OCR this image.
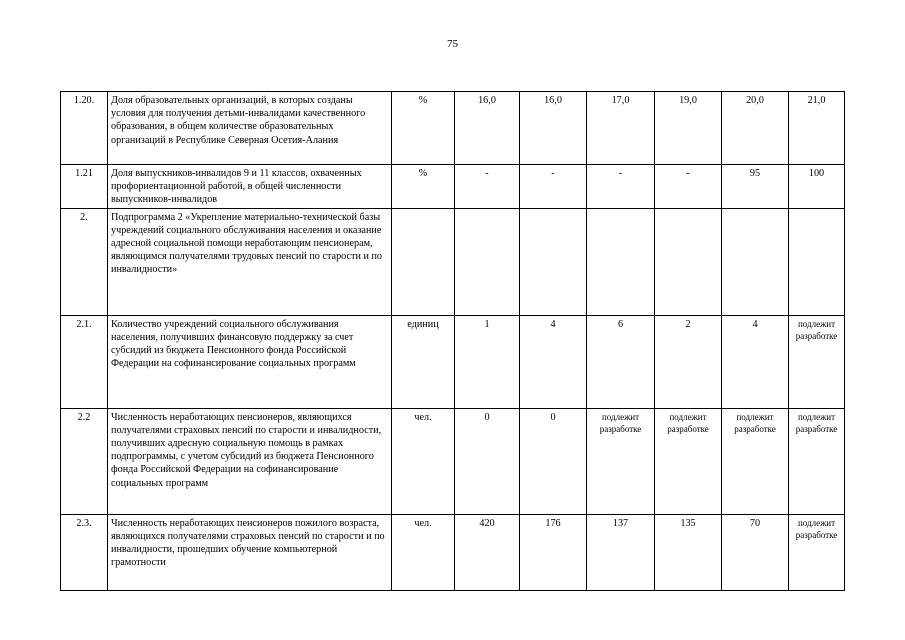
75
1.20.	Доля образовательных организаций, в которых созданы условия для получения детьми-инвалидами качественного образования, в общем количестве образовательных организаций в Республике Северная Осетия-Алания	%	16,0	16,0	17,0	19,0	20,0	21,0
1.21	Доля выпускников-инвалидов 9 и 11 классов, охваченных профориентационной работой, в общей численности выпускников-инвалидов	%	-	-	-	-	95	100
2.	Подпрограмма 2 «Укрепление материально-технической базы учреждений социального обслуживания населения и оказание адресной социальной помощи неработающим пенсионерам, являющимся получателями трудовых пенсий по старости и по инвалидности»							
2.1.	Количество учреждений социального обслуживания населения, получивших финансовую поддержку за счет субсидий из бюджета Пенсионного фонда Российской Федерации на софинансирование социальных программ	единиц	1	4	6	2	4	подлежит разработке
2.2	Численность неработающих пенсионеров, являющихся получателями страховых пенсий по старости и инвалидности, получивших адресную социальную помощь в рамках подпрограммы, с учетом субсидий из бюджета Пенсионного фонда Российской Федерации на софинансирование социальных программ	чел.	0	0	подлежит разработке	подлежит разработке	подлежит разработке	подлежит разработке
2.3.	Численность неработающих пенсионеров пожилого возраста, являющихся получателями страховых пенсий по старости и по инвалидности, прошедших обучение компьютерной грамотности	чел.	420	176	137	135	70	подлежит разработке
